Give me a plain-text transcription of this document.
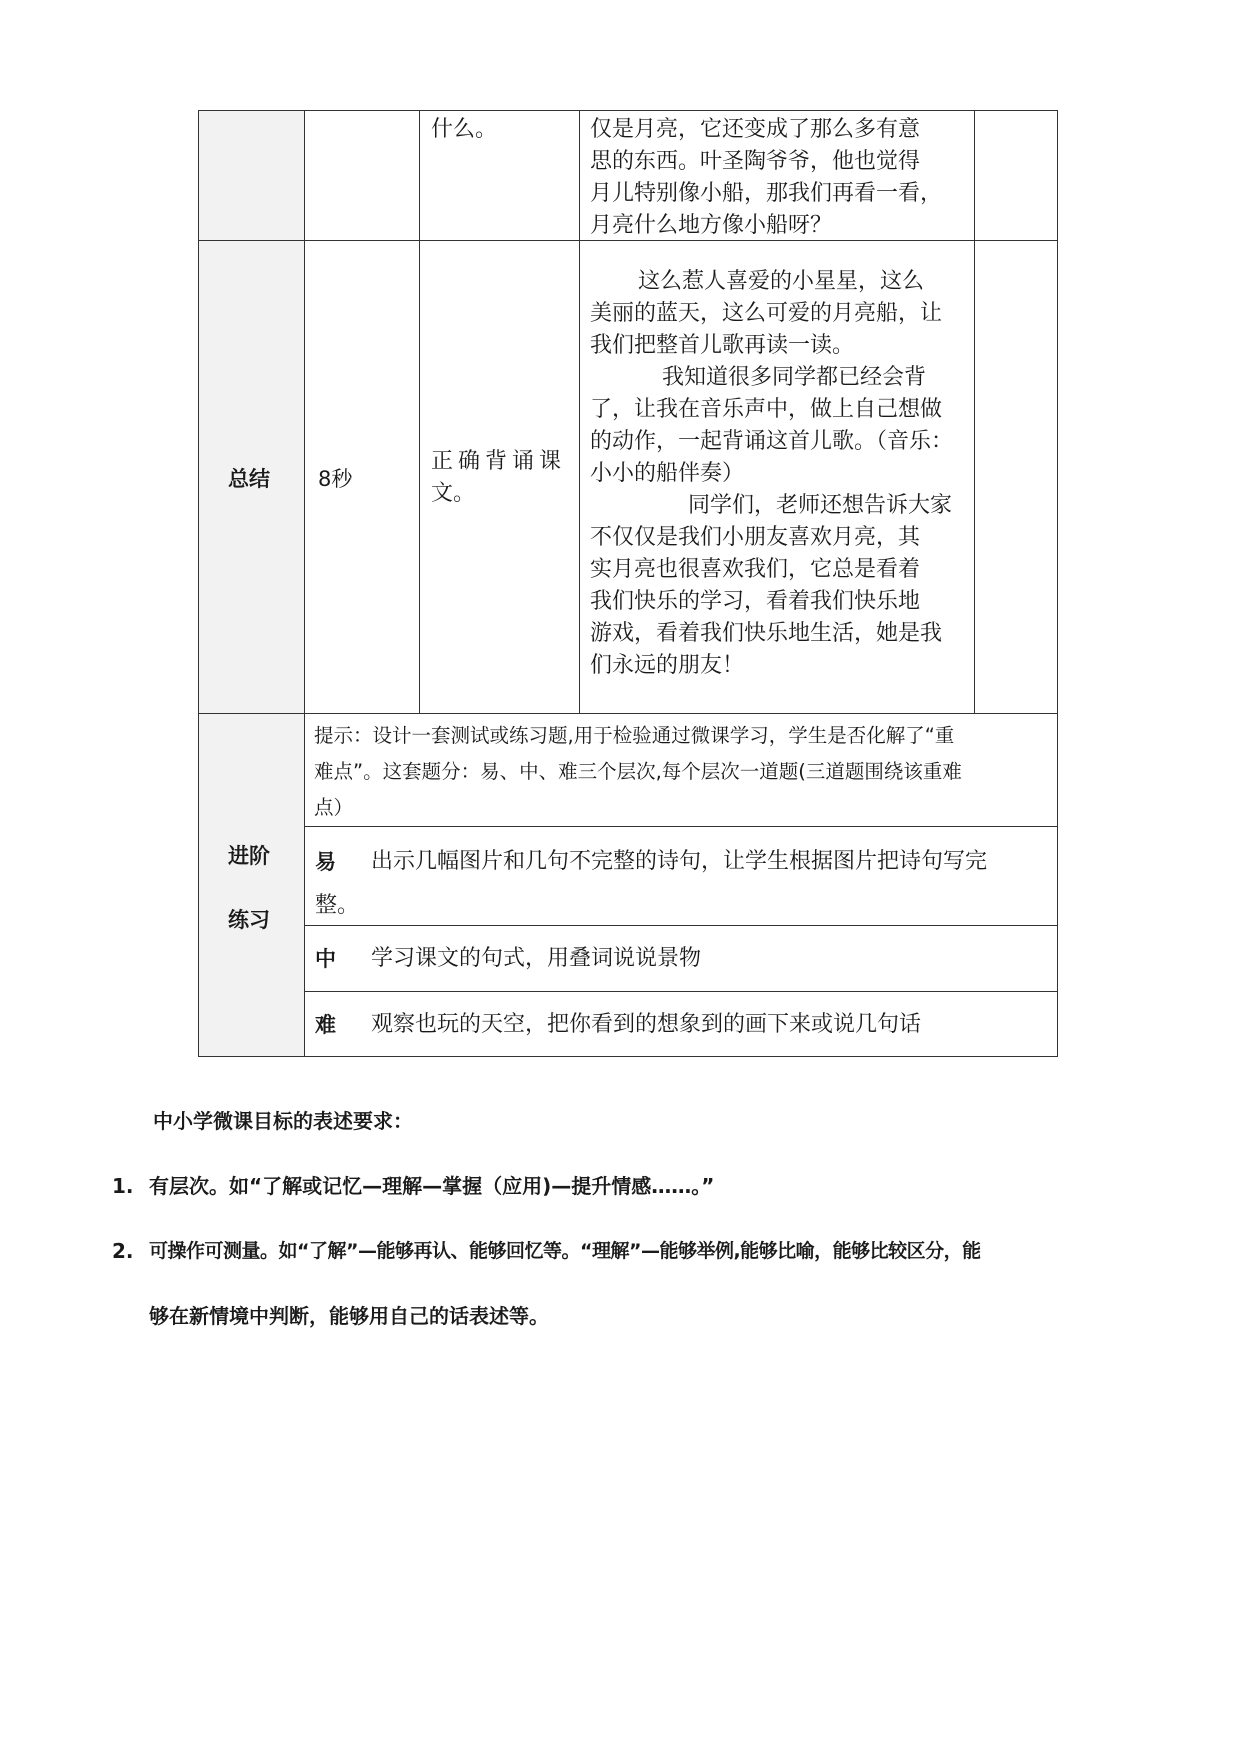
什么。	仅是月亮，它还变成了那么多有意
思的东西。叶圣陶爷爷，他也觉得
月儿特别像小船，那我们再看一看，
月亮什么地方像小船呀？
总结 8秒
正确背诵课
文。
这么惹人喜爱的小星星，这么
美丽的蓝天，这么可爱的月亮船，让
我们把整首儿歌再读一读。
我知道很多同学都已经会背
了，让我在音乐声中，做上自己想做
的动作，一起背诵这首儿歌。（音乐：
小小的船伴奏）
同学们，老师还想告诉大家
不仅仅是我们小朋友喜欢月亮，其
实月亮也很喜欢我们，它总是看着
我们快乐的学习，看着我们快乐地
游戏，看着我们快乐地生活，她是我
们永远的朋友！
进阶
练习
提示：设计一套测试或练习题,用于检验通过微课学习，学生是否化解了“重
难点”。这套题分：易、中、难三个层次,每个层次一道题(三道题围绕该重难
点）
易 出示几幅图片和几句不完整的诗句，让学生根据图片把诗句写完
整。
中 学习课文的句式，用叠词说说景物
难 观察也玩的天空，把你看到的想象到的画下来或说几句话
中小学微课目标的表述要求：
1. 有层次。如“了解或记忆—理解—掌握（应用)—提升情感……。”
2. 可操作可测量。如“了解”—能够再认、能够回忆等。“理解”—能够举例,能够比喻，能够比较区分，能
够在新情境中判断，能够用自己的话表述等。
